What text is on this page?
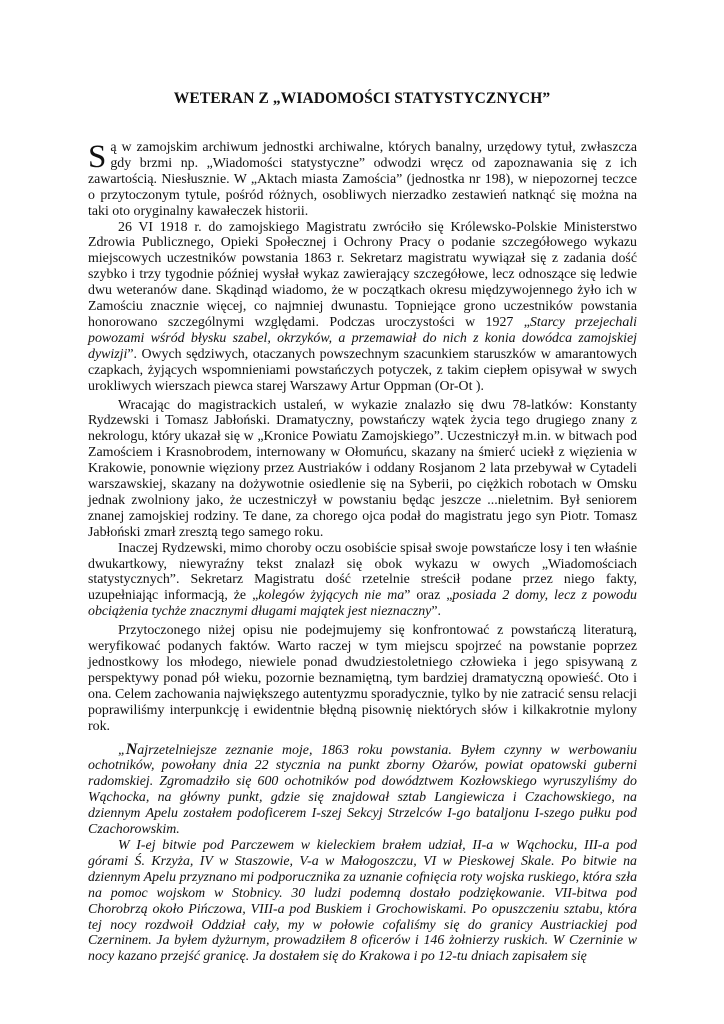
WETERAN Z „WIADOMOŚCI STATYSTYCZNYCH”

Są w zamojskim archiwum jednostki archiwalne, których banalny, urzędowy tytuł, zwłaszcza gdy brzmi np. „Wiadomości statystyczne” odwodzi wręcz od zapoznawania się z ich zawartością. Niesłusznie. W „Aktach miasta Zamościa” (jednostka nr 198), w niepozornej teczce o przytoczonym tytule, pośród różnych, osobliwych nierzadko zestawień natknąć się można na taki oto oryginalny kawałeczek historii.

26 VI 1918 r. do zamojskiego Magistratu zwróciło się Królewsko-Polskie Ministerstwo Zdrowia Publicznego, Opieki Społecznej i Ochrony Pracy o podanie szczegółowego wykazu miejscowych uczestników powstania 1863 r. Sekretarz magistratu wywiązał się z zadania dość szybko i trzy tygodnie później wysłał wykaz zawierający szczegółowe, lecz odnoszące się ledwie dwu weteranów dane. Skądinąd wiadomo, że w początkach okresu międzywojennego żyło ich w Zamościu znacznie więcej, co najmniej dwunastu. Topniejące grono uczestników powstania honorowano szczególnymi względami. Podczas uroczystości w 1927 „Starcy przejechali powozami wśród błysku szabel, okrzyków, a przemawiał do nich z konia dowódca zamojskiej dywizji”. Owych sędziwych, otaczanych powszechnym szacunkiem staruszków w amarantowych czapkach, żyjących wspomnieniami powstańczych potyczek, z takim ciepłem opisywał w swych urokliwych wierszach piewca starej Warszawy Artur Oppman (Or-Ot ).

Wracając do magistrackich ustaleń, w wykazie znalazło się dwu 78-latków: Konstanty Rydzewski i Tomasz Jabłoński. Dramatyczny, powstańczy wątek życia tego drugiego znany z nekrologu, który ukazał się w „Kronice Powiatu Zamojskiego”. Uczestniczył m.in. w bitwach pod Zamościem i Krasnobrodem, internowany w Ołomuńcu, skazany na śmierć uciekł z więzienia w Krakowie, ponownie więziony przez Austriaków i oddany Rosjanom 2 lata przebywał w Cytadeli warszawskiej, skazany na dożywotnie osiedlenie się na Syberii, po ciężkich robotach w Omsku jednak zwolniony jako, że uczestniczył w powstaniu będąc jeszcze ...nieletnim. Był seniorem znanej zamojskiej rodziny. Te dane, za chorego ojca podał do magistratu jego syn Piotr. Tomasz Jabłoński zmarł zresztą tego samego roku.

Inaczej Rydzewski, mimo choroby oczu osobiście spisał swoje powstańcze losy i ten właśnie dwukartkowy, niewyraźny tekst znalazł się obok wykazu w owych „Wiadomościach statystycznych”. Sekretarz Magistratu dość rzetelnie streścił podane przez niego fakty, uzupełniając informacją, że „kolegów żyjących nie ma” oraz „posiada 2 domy, lecz z powodu obciążenia tychże znacznymi długami majątek jest nieznaczny”.

Przytoczonego niżej opisu nie podejmujemy się konfrontować z powstańczą literaturą, weryfikować podanych faktów. Warto raczej w tym miejscu spojrzeć na powstanie poprzez jednostkowy los młodego, niewiele ponad dwudziestoletniego człowieka i jego spisywaną z perspektywy ponad pół wieku, pozornie beznamiętną, tym bardziej dramatyczną opowieść. Oto i ona. Celem zachowania największego autentyzmu sporadycznie, tylko by nie zatracić sensu relacji poprawiliśmy interpunkcję i ewidentnie błędną pisownię niektórych słów i kilkakrotnie mylony rok.

„Najrzetelniejsze zeznanie moje, 1863 roku powstania. Byłem czynny w werbowaniu ochotników, powołany dnia 22 stycznia na punkt zborny Ożarów, powiat opatowski guberni radomskiej. Zgromadziło się 600 ochotników pod dowództwem Kozłowskiego wyruszyliśmy do Wąchocka, na główny punkt, gdzie się znajdował sztab Langiewicza i Czachowskiego, na dziennym Apelu zostałem podoficerem I-szej Sekcyj Strzelców I-go bataljonu I-szego pułku pod Czachorowskim.

W I-ej bitwie pod Parczewem w kieleckiem brałem udział, II-a w Wąchocku, III-a pod górami Ś. Krzyża, IV w Staszowie, V-a w Małogoszczu, VI w Pieskowej Skale. Po bitwie na dziennym Apelu przyznano mi podporucznika za uznanie cofnięcia roty wojska ruskiego, która szła na pomoc wojskom w Stobnicy. 30 ludzi podemną dostało podziękowanie. VII-bitwa pod Chorobrzą około Pińczowa, VIII-a pod Buskiem i Grochowiskami. Po opuszczeniu sztabu, która tej nocy rozdwoił Oddział cały, my w połowie cofaliśmy się do granicy Austriackiej pod Czerninem. Ja byłem dyżurnym, prowadziłem 8 oficerów i 146 żołnierzy ruskich. W Czerninie w nocy kazano przejść granicę. Ja dostałem się do Krakowa i po 12-tu dniach zapisałem się
